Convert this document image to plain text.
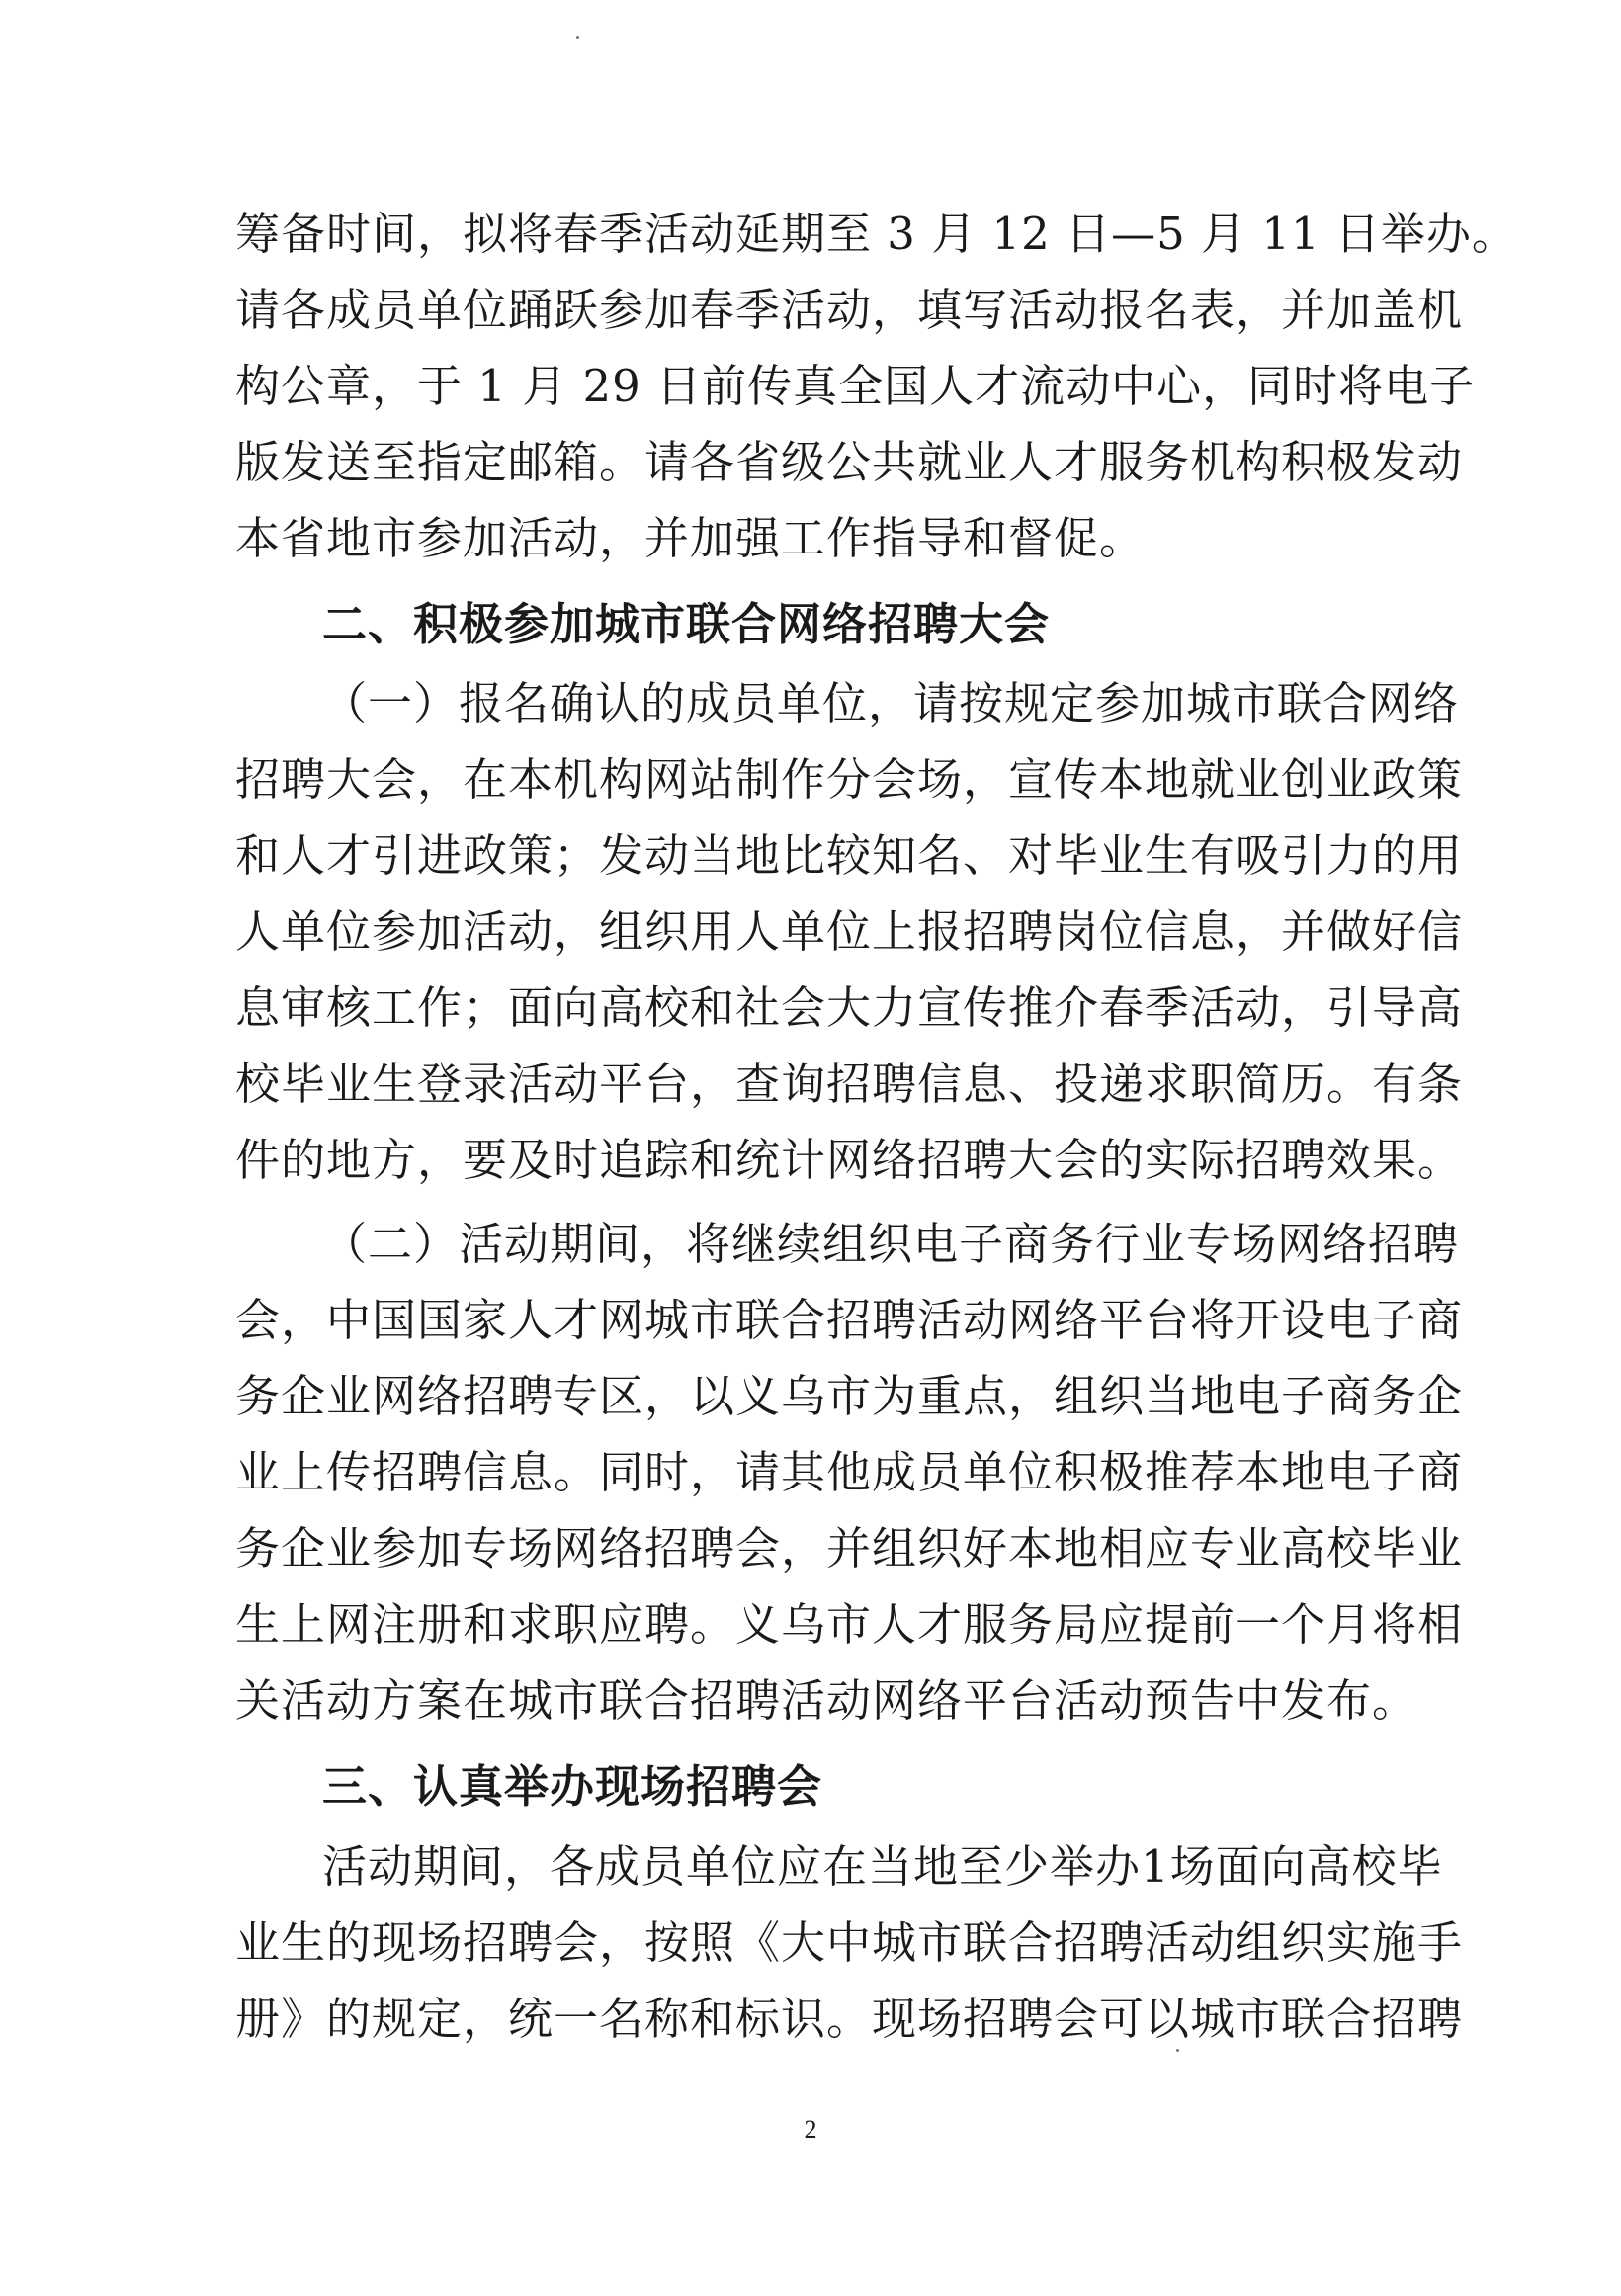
筹备时间，拟将春季活动延期至 3 月 12 日—5 月 11 日举办。
请各成员单位踊跃参加春季活动，填写活动报名表，并加盖机
构公章，于 1 月 29 日前传真全国人才流动中心，同时将电子
版发送至指定邮箱。请各省级公共就业人才服务机构积极发动
本省地市参加活动，并加强工作指导和督促。
二、积极参加城市联合网络招聘大会
（一）报名确认的成员单位，请按规定参加城市联合网络
招聘大会，在本机构网站制作分会场，宣传本地就业创业政策
和人才引进政策；发动当地比较知名、对毕业生有吸引力的用
人单位参加活动，组织用人单位上报招聘岗位信息，并做好信
息审核工作；面向高校和社会大力宣传推介春季活动，引导高
校毕业生登录活动平台，查询招聘信息、投递求职简历。有条
件的地方，要及时追踪和统计网络招聘大会的实际招聘效果。
（二）活动期间，将继续组织电子商务行业专场网络招聘
会，中国国家人才网城市联合招聘活动网络平台将开设电子商
务企业网络招聘专区，以义乌市为重点，组织当地电子商务企
业上传招聘信息。同时，请其他成员单位积极推荐本地电子商
务企业参加专场网络招聘会，并组织好本地相应专业高校毕业
生上网注册和求职应聘。义乌市人才服务局应提前一个月将相
关活动方案在城市联合招聘活动网络平台活动预告中发布。
三、认真举办现场招聘会
活动期间，各成员单位应在当地至少举办1场面向高校毕
业生的现场招聘会，按照《大中城市联合招聘活动组织实施手
册》的规定，统一名称和标识。现场招聘会可以城市联合招聘
2
